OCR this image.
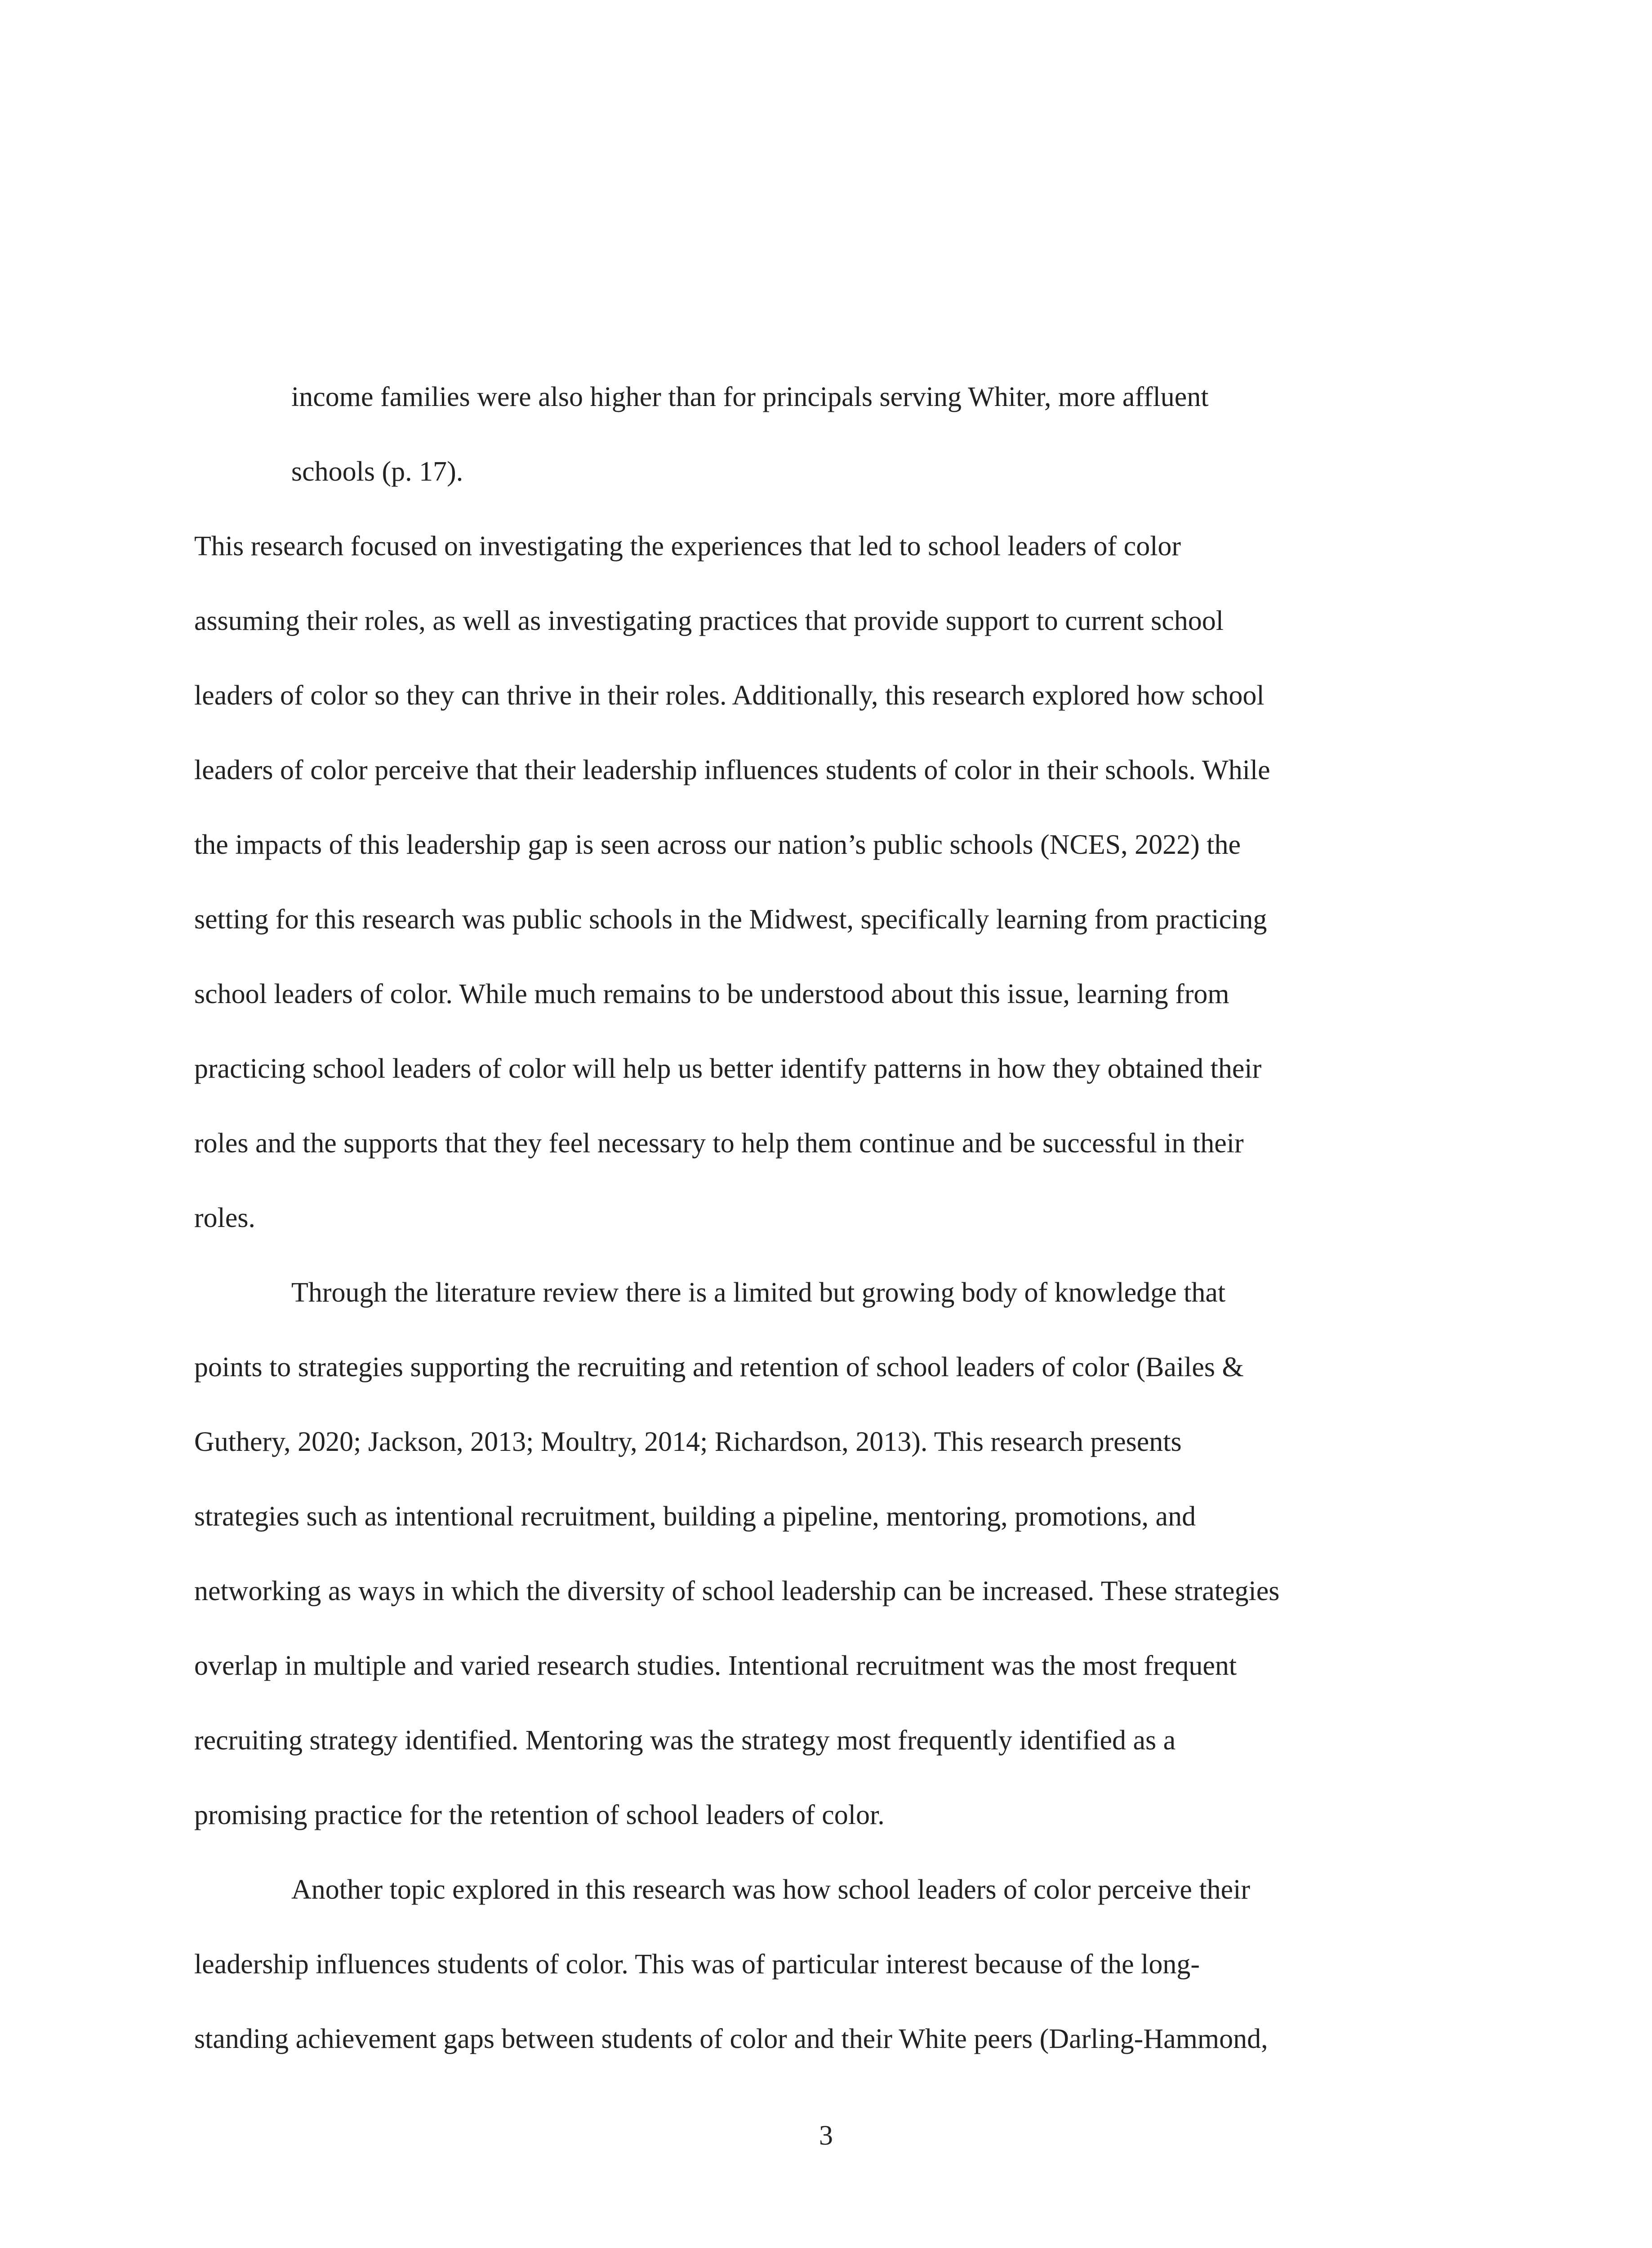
income families were also higher than for principals serving Whiter, more affluent
schools (p. 17).
This research focused on investigating the experiences that led to school leaders of color
assuming their roles, as well as investigating practices that provide support to current school
leaders of color so they can thrive in their roles. Additionally, this research explored how school
leaders of color perceive that their leadership influences students of color in their schools. While
the impacts of this leadership gap is seen across our nation’s public schools (NCES, 2022) the
setting for this research was public schools in the Midwest, specifically learning from practicing
school leaders of color. While much remains to be understood about this issue, learning from
practicing school leaders of color will help us better identify patterns in how they obtained their
roles and the supports that they feel necessary to help them continue and be successful in their
roles.
Through the literature review there is a limited but growing body of knowledge that
points to strategies supporting the recruiting and retention of school leaders of color (Bailes &
Guthery, 2020; Jackson, 2013; Moultry, 2014; Richardson, 2013). This research presents
strategies such as intentional recruitment, building a pipeline, mentoring, promotions, and
networking as ways in which the diversity of school leadership can be increased. These strategies
overlap in multiple and varied research studies. Intentional recruitment was the most frequent
recruiting strategy identified. Mentoring was the strategy most frequently identified as a
promising practice for the retention of school leaders of color.
Another topic explored in this research was how school leaders of color perceive their
leadership influences students of color. This was of particular interest because of the long-
standing achievement gaps between students of color and their White peers (Darling-Hammond,
3
